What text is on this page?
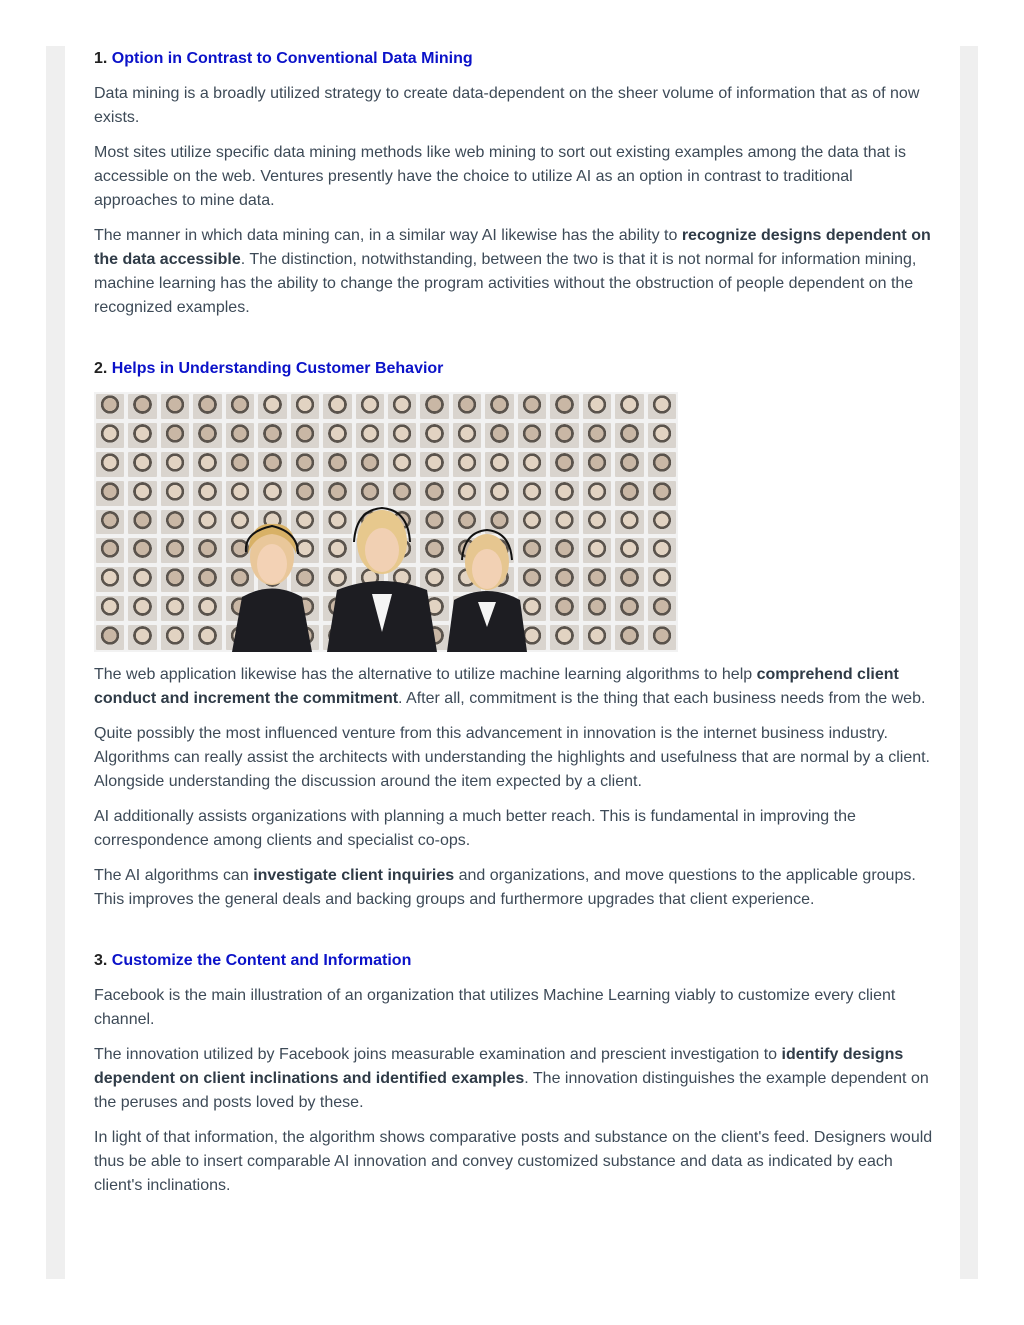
1. Option in Contrast to Conventional Data Mining

Data mining is a broadly utilized strategy to create data-dependent on the sheer volume of information that as of now exists.

Most sites utilize specific data mining methods like web mining to sort out existing examples among the data that is accessible on the web. Ventures presently have the choice to utilize AI as an option in contrast to traditional approaches to mine data.

The manner in which data mining can, in a similar way AI likewise has the ability to recognize designs dependent on the data accessible. The distinction, notwithstanding, between the two is that it is not normal for information mining, machine learning has the ability to change the program activities without the obstruction of people dependent on the recognized examples.

2. Helps in Understanding Customer Behavior

The web application likewise has the alternative to utilize machine learning algorithms to help comprehend client conduct and increment the commitment. After all, commitment is the thing that each business needs from the web.

Quite possibly the most influenced venture from this advancement in innovation is the internet business industry. Algorithms can really assist the architects with understanding the highlights and usefulness that are normal by a client. Alongside understanding the discussion around the item expected by a client.

AI additionally assists organizations with planning a much better reach. This is fundamental in improving the correspondence among clients and specialist co-ops.

The AI algorithms can investigate client inquiries and organizations, and move questions to the applicable groups. This improves the general deals and backing groups and furthermore upgrades that client experience.

3. Customize the Content and Information

Facebook is the main illustration of an organization that utilizes Machine Learning viably to customize every client channel.

The innovation utilized by Facebook joins measurable examination and prescient investigation to identify designs dependent on client inclinations and identified examples. The innovation distinguishes the example dependent on the peruses and posts loved by these.

In light of that information, the algorithm shows comparative posts and substance on the client's feed. Designers would thus be able to insert comparable AI innovation and convey customized substance and data as indicated by each client's inclinations.
